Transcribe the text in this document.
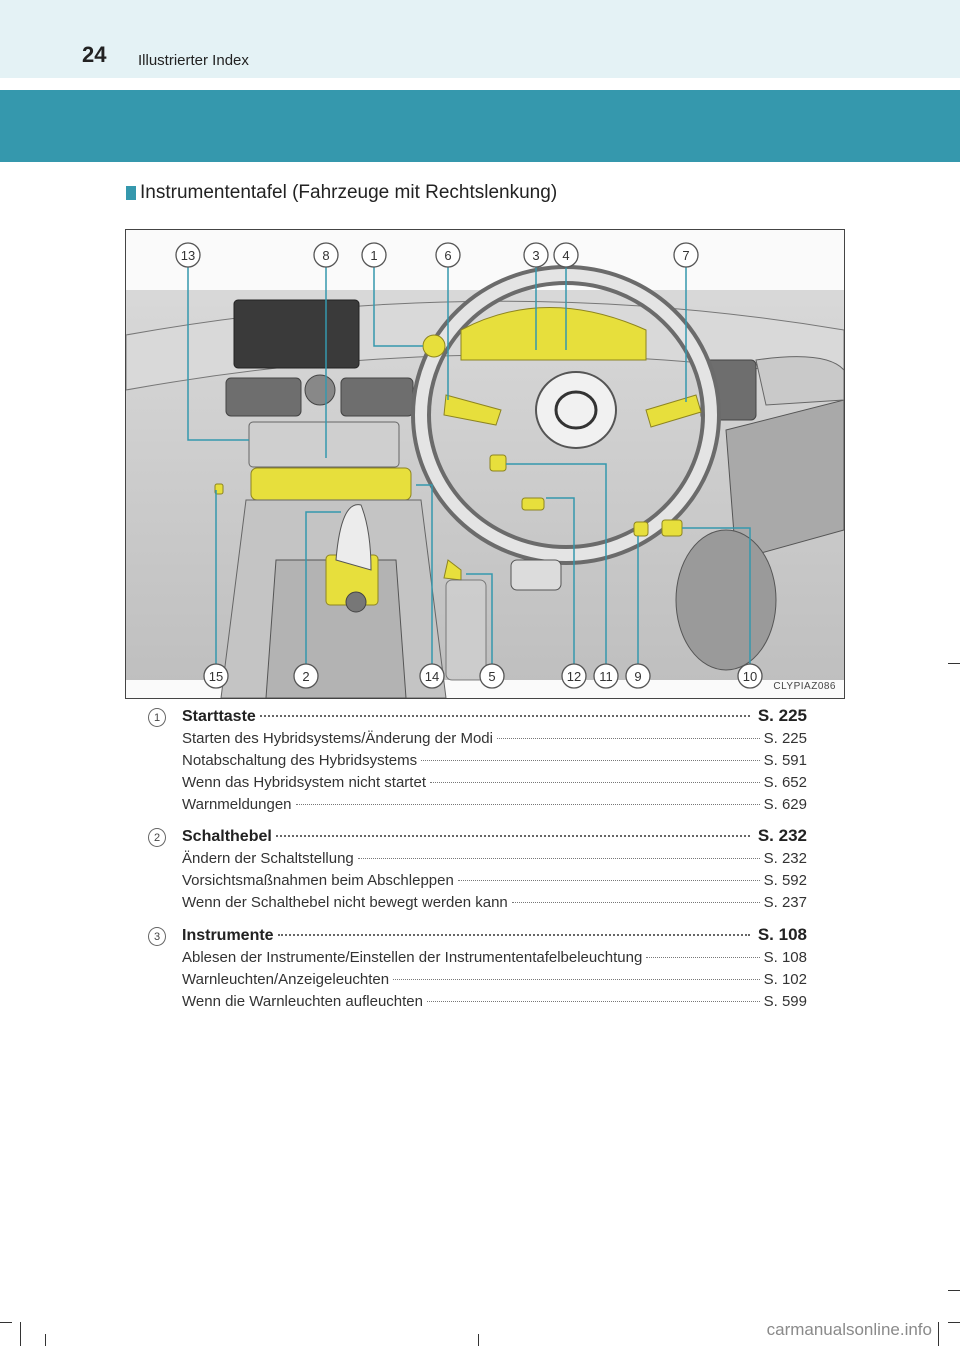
24 Illustrierter Index
Instrumententafel (Fahrzeuge mit Rechtslenkung)
13	8	1	6	3 4	7
15	2	14	5	12 11 9	10
CLYPIAZ086
1	Starttaste	S. 225
Starten des Hybridsystems/Änderung der Modi	S. 225
Notabschaltung des Hybridsystems	S. 591
Wenn das Hybridsystem nicht startet	S. 652
Warnmeldungen	S. 629
2	Schalthebel	S. 232
Ändern der Schaltstellung	S. 232
Vorsichtsmaßnahmen beim Abschleppen	S. 592
Wenn der Schalthebel nicht bewegt werden kann	S. 237
3	Instrumente	S. 108
Ablesen der Instrumente/Einstellen der Instrumententafelbeleuchtung	S. 108
Warnleuchten/Anzeigeleuchten	S. 102
Wenn die Warnleuchten aufleuchten	S. 599
carmanualsonline.info
